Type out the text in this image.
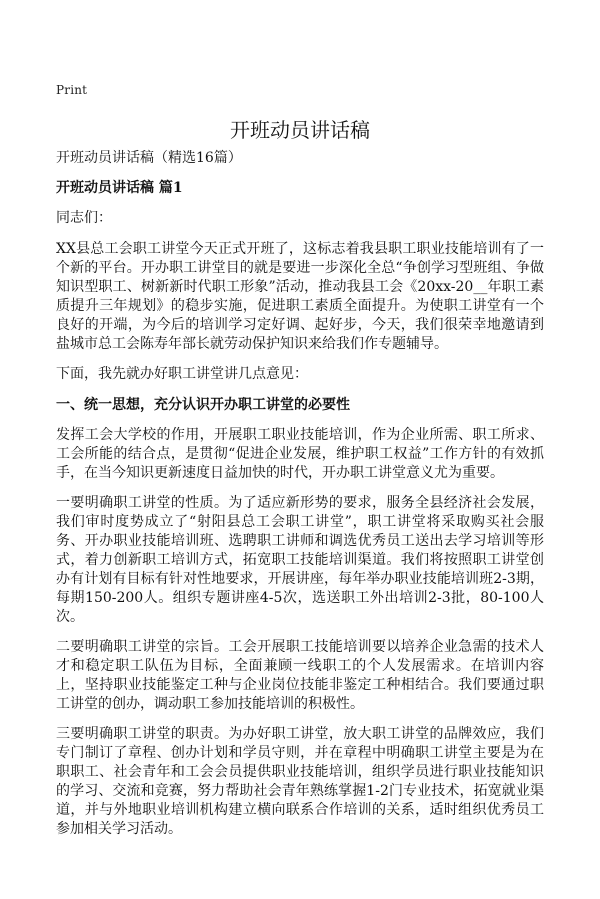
Print
开班动员讲话稿

开班动员讲话稿（精选16篇）

开班动员讲话稿 篇1

同志们：

XX县总工会职工讲堂今天正式开班了，这标志着我县职工职业技能培训有了一个新的平台。开办职工讲堂目的就是要进一步深化全总“争创学习型班组、争做知识型职工、树新新时代职工形象”活动，推动我县工会《20xx-20__年职工素质提升三年规划》的稳步实施，促进职工素质全面提升。为使职工讲堂有一个良好的开端，为今后的培训学习定好调、起好步，今天，我们很荣幸地邀请到盐城市总工会陈寿年部长就劳动保护知识来给我们作专题辅导。

下面，我先就办好职工讲堂讲几点意见：

一、统一思想，充分认识开办职工讲堂的必要性

发挥工会大学校的作用，开展职工职业技能培训，作为企业所需、职工所求、工会所能的结合点，是贯彻“促进企业发展，维护职工权益”工作方针的有效抓手，在当今知识更新速度日益加快的时代，开办职工讲堂意义尤为重要。

一要明确职工讲堂的性质。为了适应新形势的要求，服务全县经济社会发展，我们审时度势成立了“射阳县总工会职工讲堂”，职工讲堂将采取购买社会服务、开办职业技能培训班、选聘职工讲师和调选优秀员工送出去学习培训等形式，着力创新职工培训方式，拓宽职工技能培训渠道。我们将按照职工讲堂创办有计划有目标有针对性地要求，开展讲座，每年举办职业技能培训班2-3期，每期150-200人。组织专题讲座4-5次，选送职工外出培训2-3批，80-100人次。

二要明确职工讲堂的宗旨。工会开展职工技能培训要以培养企业急需的技术人才和稳定职工队伍为目标，全面兼顾一线职工的个人发展需求。在培训内容上，坚持职业技能鉴定工种与企业岗位技能非鉴定工种相结合。我们要通过职工讲堂的创办，调动职工参加技能培训的积极性。

三要明确职工讲堂的职责。为办好职工讲堂，放大职工讲堂的品牌效应，我们专门制订了章程、创办计划和学员守则，并在章程中明确职工讲堂主要是为在职职工、社会青年和工会会员提供职业技能培训，组织学员进行职业技能知识的学习、交流和竞赛，努力帮助社会青年熟练掌握1-2门专业技术，拓宽就业渠道，并与外地职业培训机构建立横向联系合作培训的关系，适时组织优秀员工参加相关学习活动。
